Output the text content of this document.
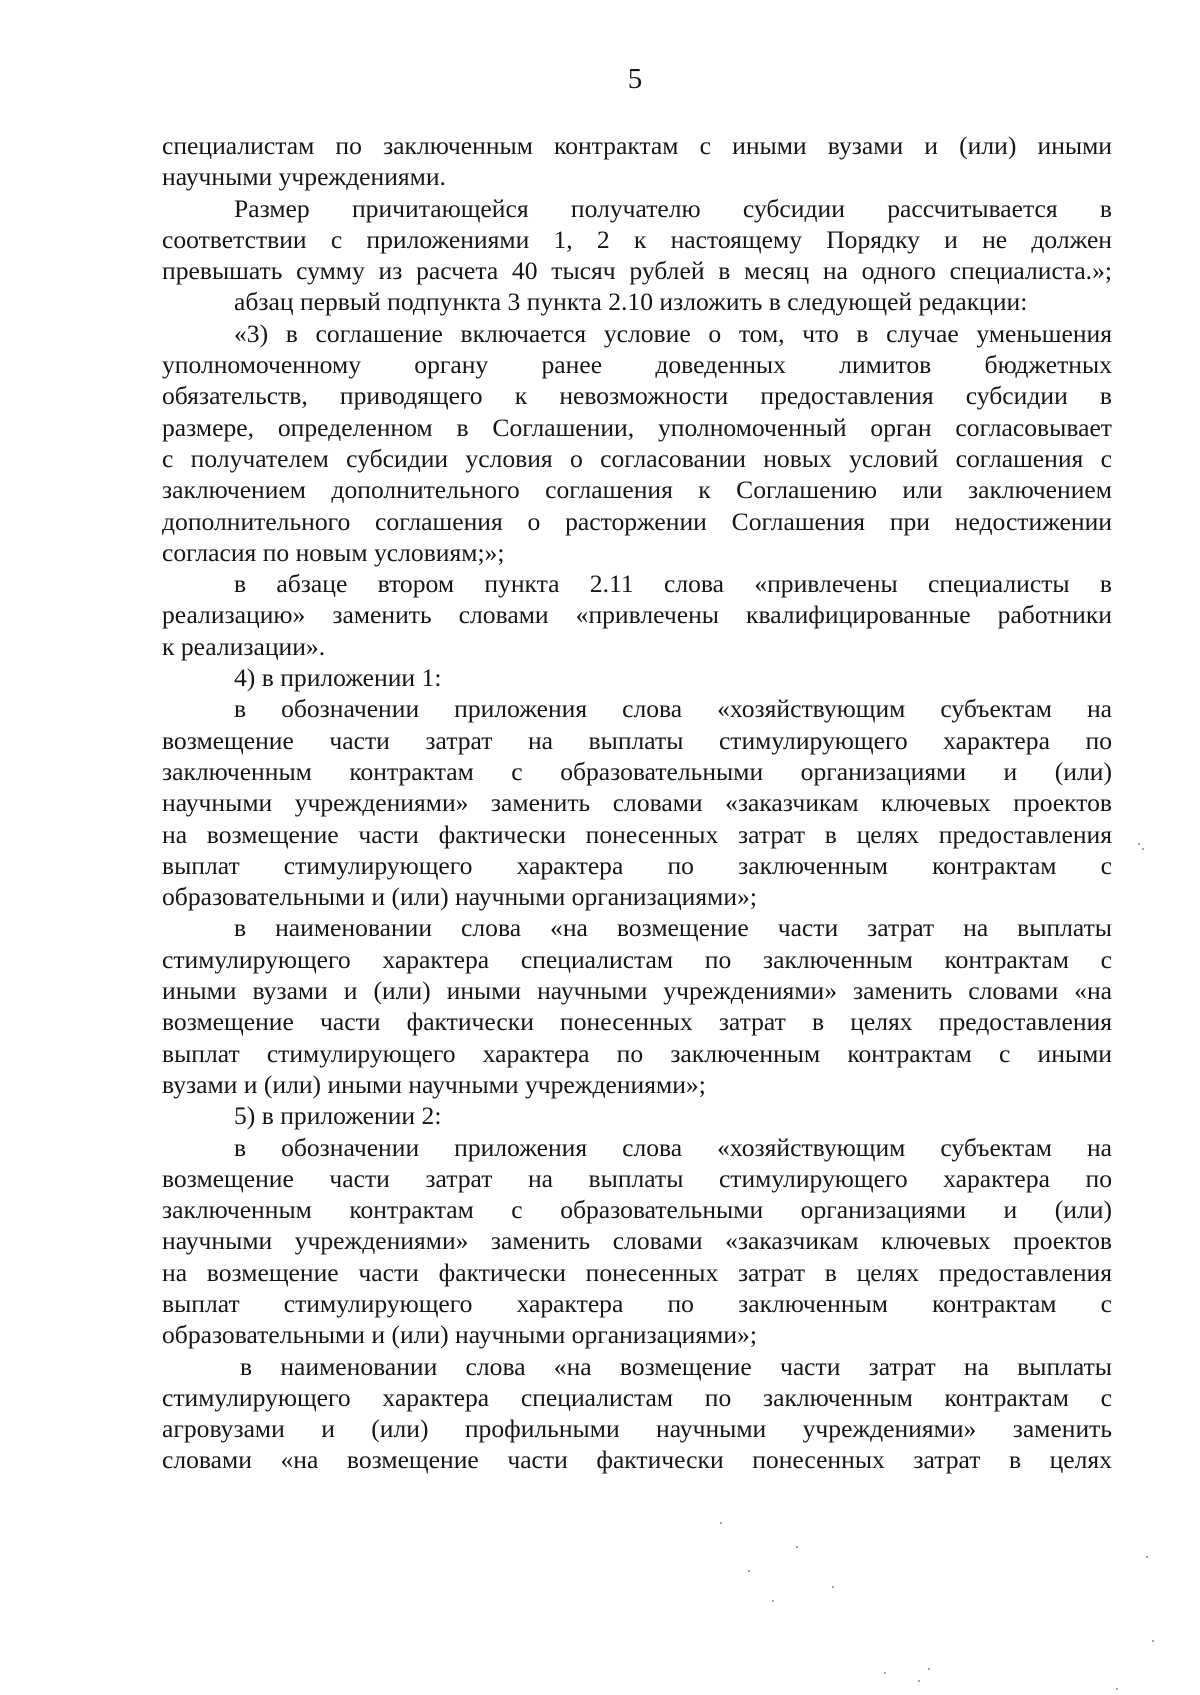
5
специалистам по заключенным контрактам с иными вузами и (или) иными
научными учреждениями.
Размер причитающейся получателю субсидии рассчитывается в
соответствии с приложениями 1, 2 к настоящему Порядку и не должен
превышать сумму из расчета 40 тысяч рублей в месяц на одного специалиста.»;
абзац первый подпункта 3 пункта 2.10 изложить в следующей редакции:
«3) в соглашение включается условие о том, что в случае уменьшения
уполномоченному органу ранее доведенных лимитов бюджетных
обязательств, приводящего к невозможности предоставления субсидии в
размере, определенном в Соглашении, уполномоченный орган согласовывает
с получателем субсидии условия о согласовании новых условий соглашения с
заключением дополнительного соглашения к Соглашению или заключением
дополнительного соглашения о расторжении Соглашения при недостижении
согласия по новым условиям;»;
в абзаце втором пункта 2.11 слова «привлечены специалисты в
реализацию» заменить словами «привлечены квалифицированные работники
к реализации».
4) в приложении 1:
в обозначении приложения слова «хозяйствующим субъектам на
возмещение части затрат на выплаты стимулирующего характера по
заключенным контрактам с образовательными организациями и (или)
научными учреждениями» заменить словами «заказчикам ключевых проектов
на возмещение части фактически понесенных затрат в целях предоставления
выплат стимулирующего характера по заключенным контрактам с
образовательными и (или) научными организациями»;
в наименовании слова «на возмещение части затрат на выплаты
стимулирующего характера специалистам по заключенным контрактам с
иными вузами и (или) иными научными учреждениями» заменить словами «на
возмещение части фактически понесенных затрат в целях предоставления
выплат стимулирующего характера по заключенным контрактам с иными
вузами и (или) иными научными учреждениями»;
5) в приложении 2:
в обозначении приложения слова «хозяйствующим субъектам на
возмещение части затрат на выплаты стимулирующего характера по
заключенным контрактам с образовательными организациями и (или)
научными учреждениями» заменить словами «заказчикам ключевых проектов
на возмещение части фактически понесенных затрат в целях предоставления
выплат стимулирующего характера по заключенным контрактам с
образовательными и (или) научными организациями»;
в наименовании слова «на возмещение части затрат на выплаты
стимулирующего характера специалистам по заключенным контрактам с
агровузами и (или) профильными научными учреждениями» заменить
словами «на возмещение части фактически понесенных затрат в целях
